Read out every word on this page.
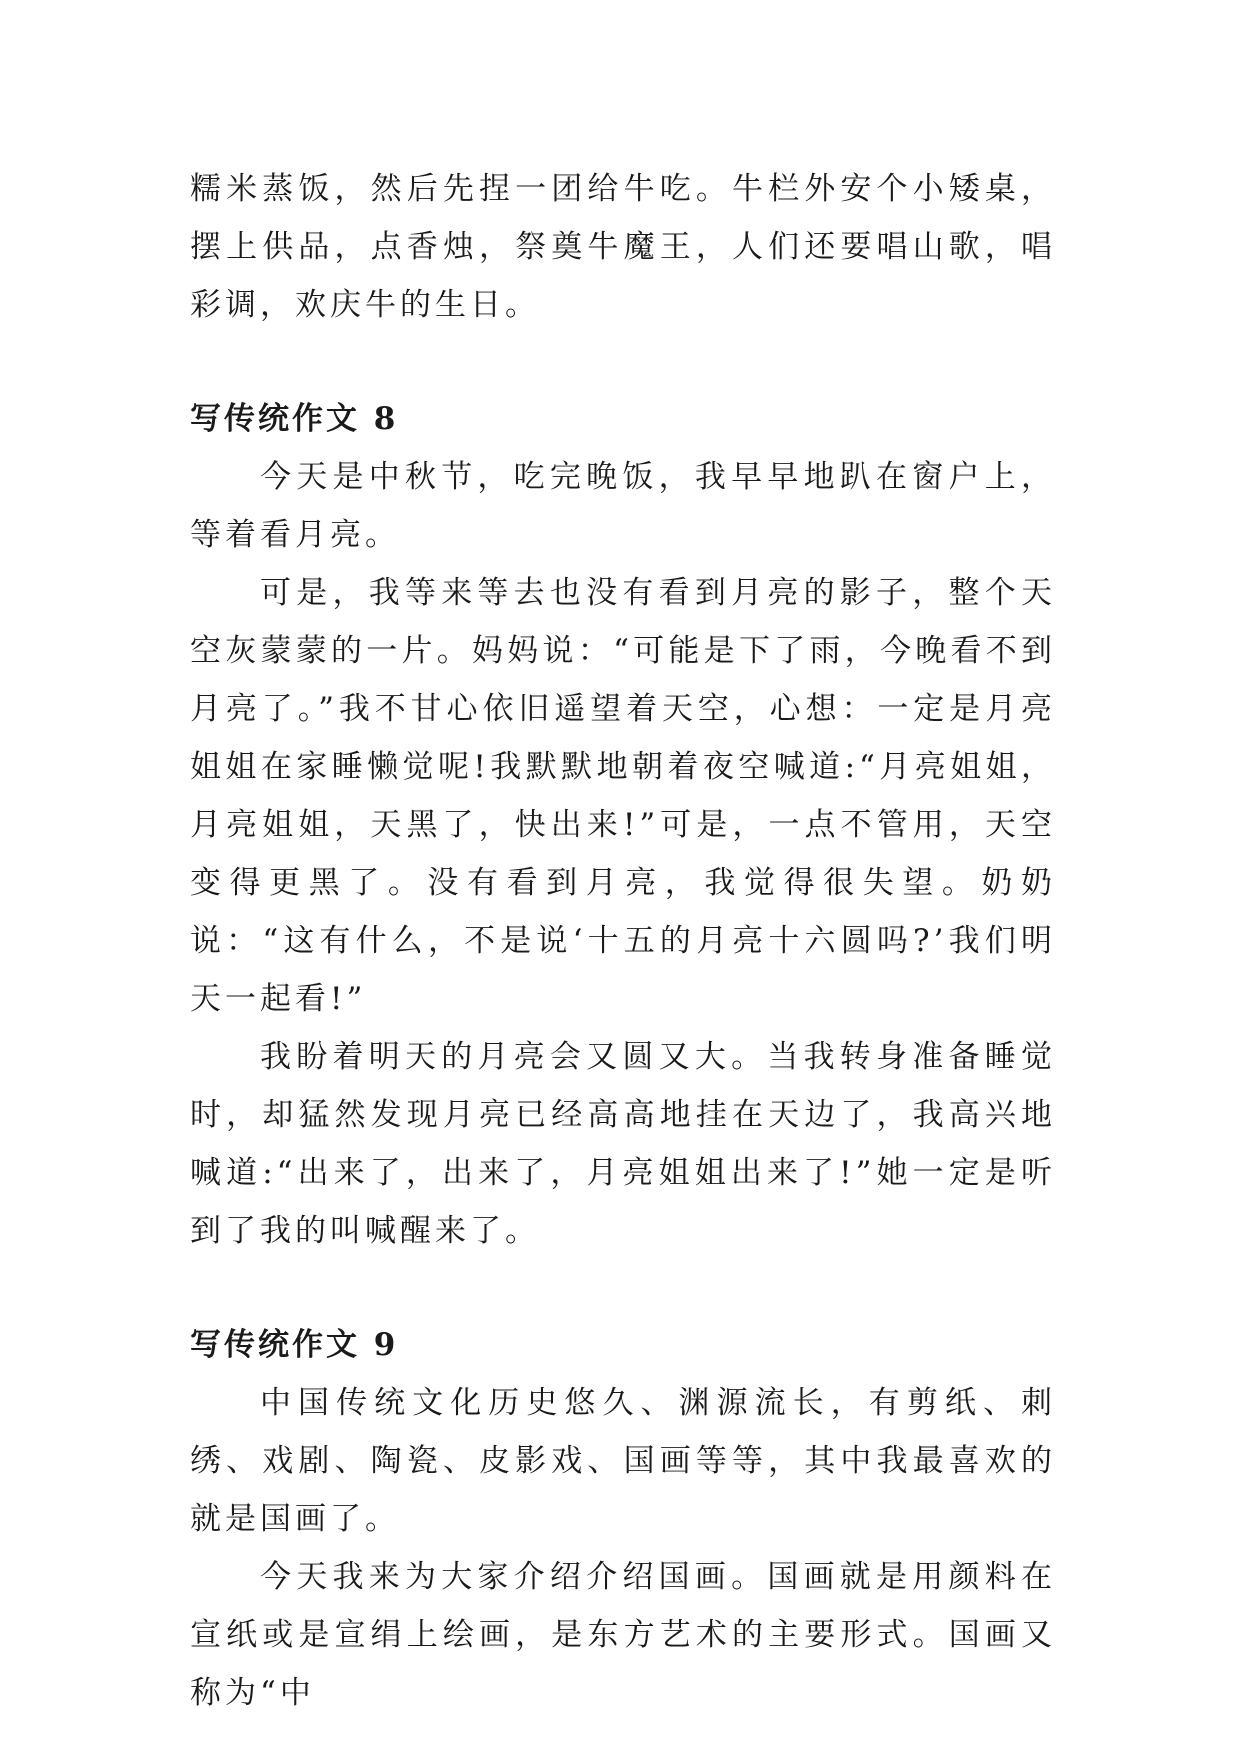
糯米蒸饭，然后先捏一团给牛吃。牛栏外安个小矮桌，摆上供品，点香烛，祭奠牛魔王，人们还要唱山歌，唱彩调，欢庆牛的生日。

写传统作文 8

今天是中秋节，吃完晚饭，我早早地趴在窗户上，等着看月亮。

可是，我等来等去也没有看到月亮的影子，整个天空灰蒙蒙的一片。妈妈说：“可能是下了雨，今晚看不到月亮了。”我不甘心依旧遥望着天空，心想：一定是月亮姐姐在家睡懒觉呢!我默默地朝着夜空喊道:“月亮姐姐，月亮姐姐，天黑了，快出来!”可是，一点不管用，天空变得更黑了。没有看到月亮，我觉得很失望。奶奶说：“这有什么，不是说‘十五的月亮十六圆吗?’我们明天一起看!”

我盼着明天的月亮会又圆又大。当我转身准备睡觉时，却猛然发现月亮已经高高地挂在天边了，我高兴地喊道:“出来了，出来了，月亮姐姐出来了!”她一定是听到了我的叫喊醒来了。

写传统作文 9

中国传统文化历史悠久、渊源流长，有剪纸、刺绣、戏剧、陶瓷、皮影戏、国画等等，其中我最喜欢的就是国画了。

今天我来为大家介绍介绍国画。国画就是用颜料在宣纸或是宣绢上绘画，是东方艺术的主要形式。国画又称为“中
